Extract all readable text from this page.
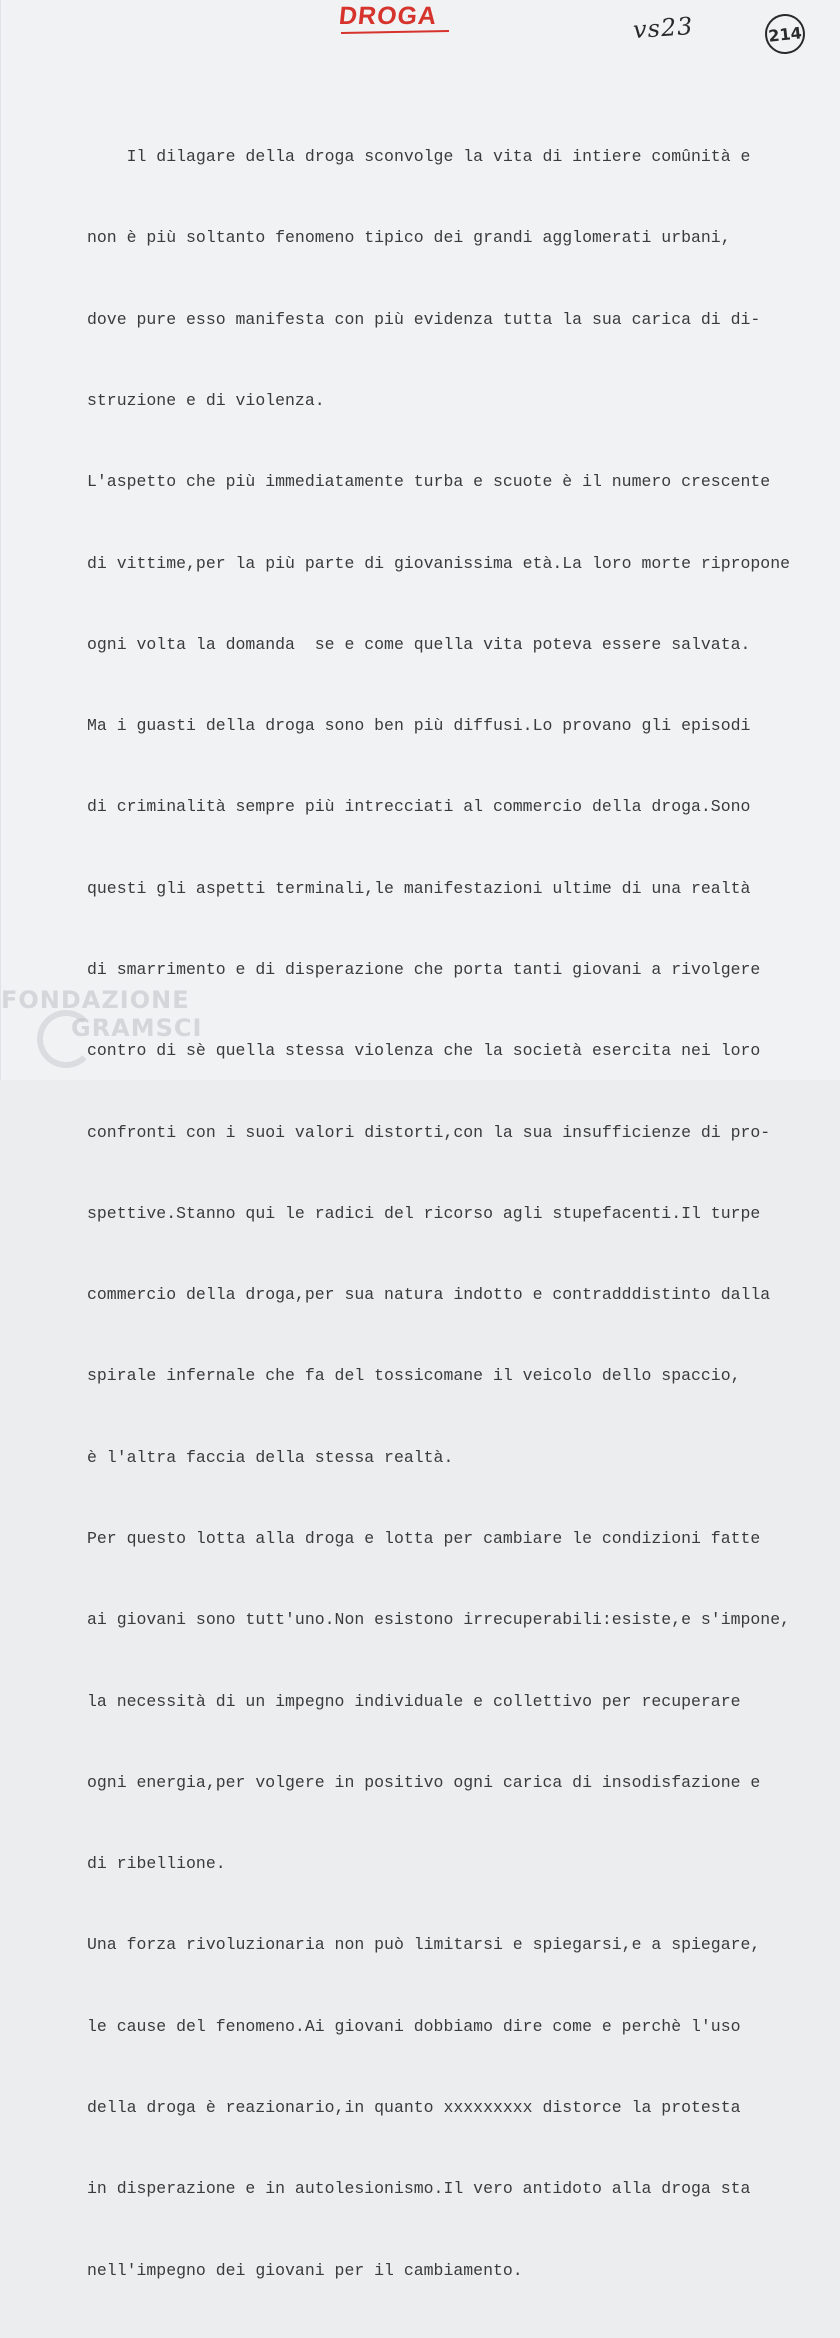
DROGA	vs23	214

Il dilagare della droga sconvolge la vita di intiere comûnità e

non è più soltanto fenomeno tipico dei grandi agglomerati urbani,

dove pure esso manifesta con più evidenza tutta la sua carica di di-

struzione e di violenza.

L'aspetto che più immediatamente turba e scuote è il numero crescente

di vittime,per la più parte di giovanissima età.La loro morte ripropone

ogni volta la domanda  se e come quella vita poteva essere salvata.

Ma i guasti della droga sono ben più diffusi.Lo provano gli episodi

di criminalità sempre più intrecciati al commercio della droga.Sono

questi gli aspetti terminali,le manifestazioni ultime di una realtà

di smarrimento e di disperazione che porta tanti giovani a rivolgere

contro di sè quella stessa violenza che la società esercita nei loro

confronti con i suoi valori distorti,con la sua insufficienze di pro-

spettive.Stanno qui le radici del ricorso agli stupefacenti.Il turpe

commercio della droga,per sua natura indotto e contradddistinto dalla

spirale infernale che fa del tossicomane il veicolo dello spaccio,

è l'altra faccia della stessa realtà.

Per questo lotta alla droga e lotta per cambiare le condizioni fatte

ai giovani sono tutt'uno.Non esistono irrecuperabili:esiste,e s'impone,

la necessità di un impegno individuale e collettivo per recuperare

ogni energia,per volgere in positivo ogni carica di insodisfazione e

di ribellione.

Una forza rivoluzionaria non può limitarsi e spiegarsi,e a spiegare,

le cause del fenomeno.Ai giovani dobbiamo dire come e perchè l'uso

della droga è reazionario,in quanto xxxxxxxxx distorce la protesta

in disperazione e in autolesionismo.Il vero antidoto alla droga sta

nell'impegno dei giovani per il cambiamento.

FONDAZIONE
GRAMSCI
